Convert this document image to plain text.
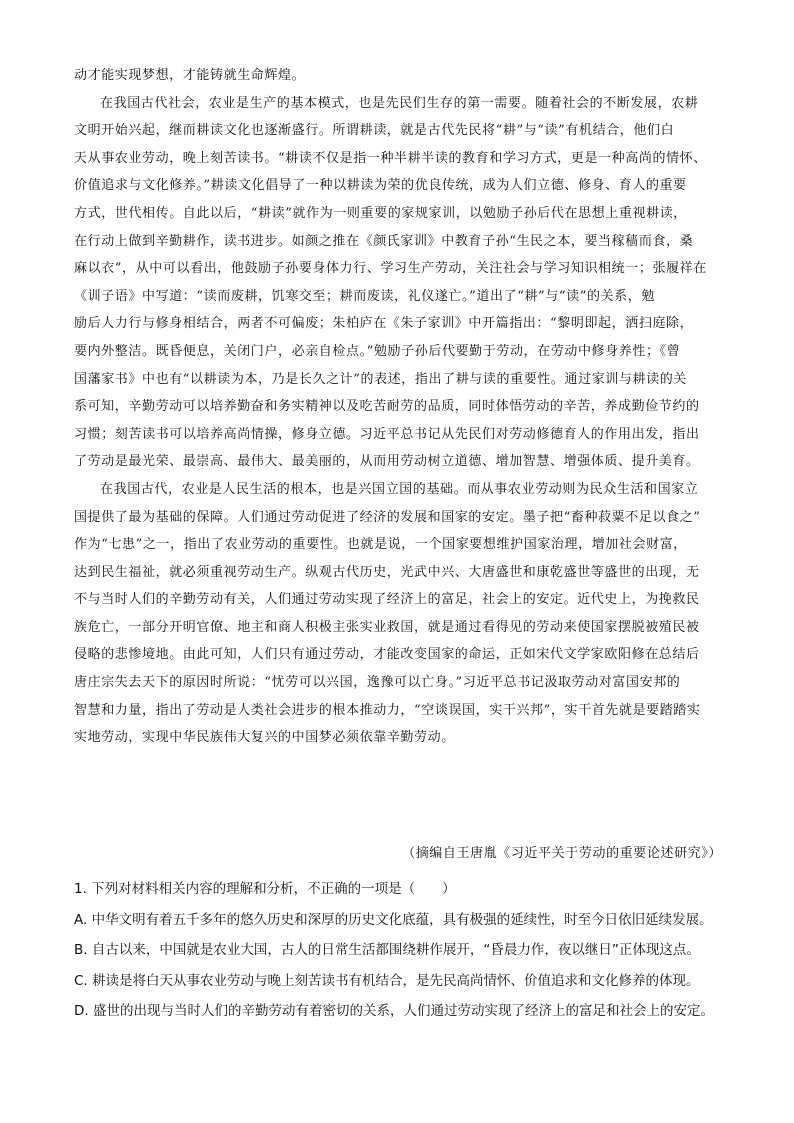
动才能实现梦想，才能铸就生命辉煌。
在我国古代社会，农业是生产的基本模式，也是先民们生存的第一需要。随着社会的不断发展，农耕
文明开始兴起，继而耕读文化也逐渐盛行。所谓耕读，就是古代先民将“耕”与“读”有机结合，他们白
天从事农业劳动，晚上刻苦读书。“耕读不仅是指一种半耕半读的教育和学习方式，更是一种高尚的情怀、
价值追求与文化修养。”耕读文化倡导了一种以耕读为荣的优良传统，成为人们立德、修身、育人的重要
方式，世代相传。自此以后，“耕读”就作为一则重要的家规家训，以勉励子孙后代在思想上重视耕读，
在行动上做到辛勤耕作，读书进步。如颜之推在《颜氏家训》中教育子孙“生民之本，要当稼穑而食，桑
麻以衣”，从中可以看出，他鼓励子孙要身体力行、学习生产劳动，关注社会与学习知识相统一；张履祥在
《训子语》中写道：“读而废耕，饥寒交至；耕而废读，礼仪遂亡。”道出了“耕”与“读”的关系，勉
励后人力行与修身相结合，两者不可偏废；朱柏庐在《朱子家训》中开篇指出：“黎明即起，洒扫庭除，
要内外整洁。既昏便息，关闭门户，必亲自检点。”勉励子孙后代要勤于劳动，在劳动中修身养性；《曾
国藩家书》中也有“以耕读为本，乃是长久之计”的表述，指出了耕与读的重要性。通过家训与耕读的关
系可知，辛勤劳动可以培养勤奋和务实精神以及吃苦耐劳的品质，同时体悟劳动的辛苦，养成勤俭节约的
习惯；刻苦读书可以培养高尚情操，修身立德。习近平总书记从先民们对劳动修德育人的作用出发，指出
了劳动是最光荣、最崇高、最伟大、最美丽的，从而用劳动树立道德、增加智慧、增强体质、提升美育。
在我国古代，农业是人民生活的根本，也是兴国立国的基础。而从事农业劳动则为民众生活和国家立
国提供了最为基础的保障。人们通过劳动促进了经济的发展和国家的安定。墨子把“畜种菽粟不足以食之”
作为“七患”之一，指出了农业劳动的重要性。也就是说，一个国家要想维护国家治理，增加社会财富，
达到民生福祉，就必须重视劳动生产。纵观古代历史，光武中兴、大唐盛世和康乾盛世等盛世的出现，无
不与当时人们的辛勤劳动有关，人们通过劳动实现了经济上的富足，社会上的安定。近代史上，为挽救民
族危亡，一部分开明官僚、地主和商人积极主张实业救国，就是通过看得见的劳动来使国家摆脱被殖民被
侵略的悲惨境地。由此可知，人们只有通过劳动，才能改变国家的命运，正如宋代文学家欧阳修在总结后
唐庄宗失去天下的原因时所说：“忧劳可以兴国，逸豫可以亡身。”习近平总书记汲取劳动对富国安邦的
智慧和力量，指出了劳动是人类社会进步的根本推动力，“空谈误国，实干兴邦”，实干首先就是要踏踏实
实地劳动，实现中华民族伟大复兴的中国梦必须依靠辛勤劳动。
（摘编自王唐胤《习近平关于劳动的重要论述研究》）
1. 下列对材料相关内容的理解和分析，不正确的一项是（　　）
A. 中华文明有着五千多年的悠久历史和深厚的历史文化底蕴，具有极强的延续性，时至今日依旧延续发展。
B. 自古以来，中国就是农业大国，古人的日常生活都围绕耕作展开，“昏晨力作，夜以继日”正体现这点。
C. 耕读是将白天从事农业劳动与晚上刻苦读书有机结合，是先民高尚情怀、价值追求和文化修养的体现。
D. 盛世的出现与当时人们的辛勤劳动有着密切的关系，人们通过劳动实现了经济上的富足和社会上的安定。
